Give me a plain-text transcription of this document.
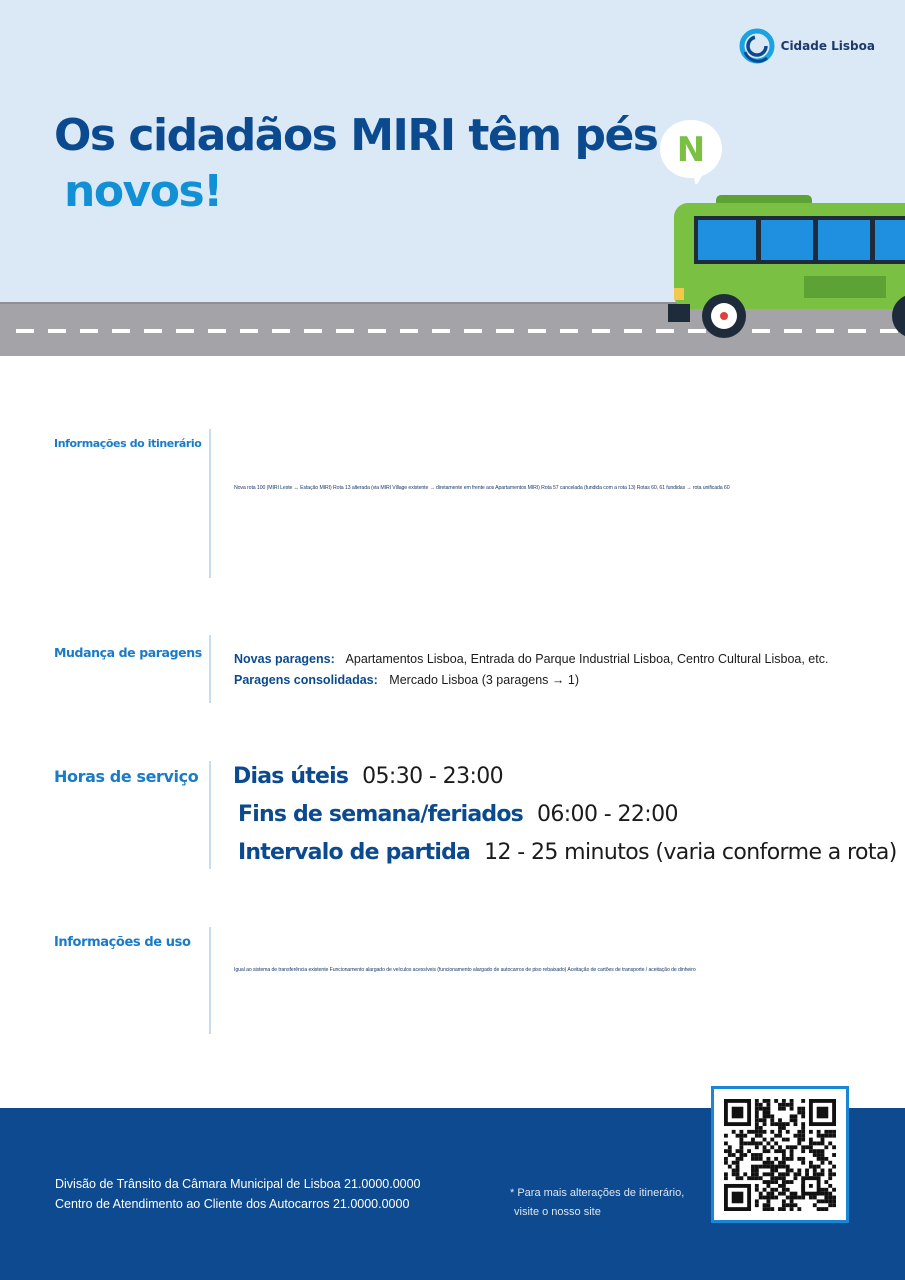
Cidade Lisboa
Os cidadãos MIRI têm pés
novos!
N
Informações do itinerário
Nova rota 100 (MIRI Leste ↔ Estação MIRI) Rota 13 alterada (via MIRI Village existente → diretamente em frente aos Apartamentos MIRI) Rota 57 cancelada (fundida com a rota 13) Rotas 60, 61 fundidas → rota unificada 60
Mudança de paragens	Novas paragens: Apartamentos Lisboa, Entrada do Parque Industrial Lisboa, Centro Cultural Lisboa, etc.
Paragens consolidadas: Mercado Lisboa (3 paragens → 1)
Horas de serviço Dias úteis 05:30 - 23:00
Fins de semana/feriados 06:00 - 22:00
Intervalo de partida 12 - 25 minutos (varia conforme a rota)
Informações de uso
Igual ao sistema de transferência existente Funcionamento alargado de veículos acessíveis (funcionamento alargado de autocarros de piso rebaixado) Aceitação de cartões de transporte / aceitação de dinheiro
Divisão de Trânsito da Câmara Municipal de Lisboa 21.0000.0000
Centro de Atendimento ao Cliente dos Autocarros 21.0000.0000
* Para mais alterações de itinerário,
visite o nosso site
